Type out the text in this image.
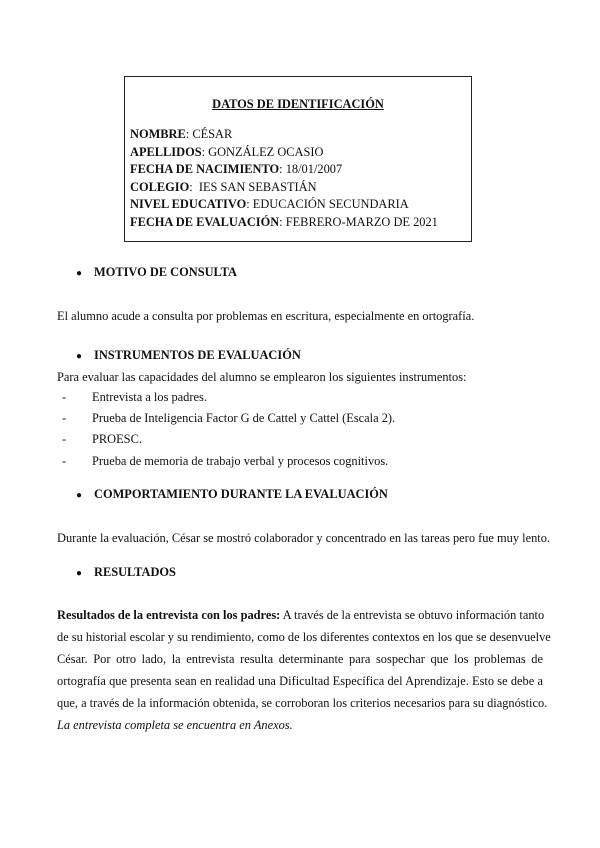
DATOS DE IDENTIFICACIÓN
NOMBRE: CÉSAR
APELLIDOS: GONZÁLEZ OCASIO
FECHA DE NACIMIENTO: 18/01/2007
COLEGIO:  IES SAN SEBASTIÁN
NIVEL EDUCATIVO: EDUCACIÓN SECUNDARIA
FECHA DE EVALUACIÓN: FEBRERO-MARZO DE 2021
● MOTIVO DE CONSULTA
El alumno acude a consulta por problemas en escritura, especialmente en ortografía.
● INSTRUMENTOS DE EVALUACIÓN
Para evaluar las capacidades del alumno se emplearon los siguientes instrumentos:
- Entrevista a los padres.
- Prueba de Inteligencia Factor G de Cattel y Cattel (Escala 2).
- PROESC.
- Prueba de memoria de trabajo verbal y procesos cognitivos.
● COMPORTAMIENTO DURANTE LA EVALUACIÓN
Durante la evaluación, César se mostró colaborador y concentrado en las tareas pero fue muy lento.
● RESULTADOS
Resultados de la entrevista con los padres: A través de la entrevista se obtuvo información tanto
de su historial escolar y su rendimiento, como de los diferentes contextos en los que se desenvuelve
César. Por otro lado, la entrevista resulta determinante para sospechar que los problemas de
ortografía que presenta sean en realidad una Dificultad Específica del Aprendizaje. Esto se debe a
que, a través de la información obtenida, se corroboran los criterios necesarios para su diagnóstico.
La entrevista completa se encuentra en Anexos.
